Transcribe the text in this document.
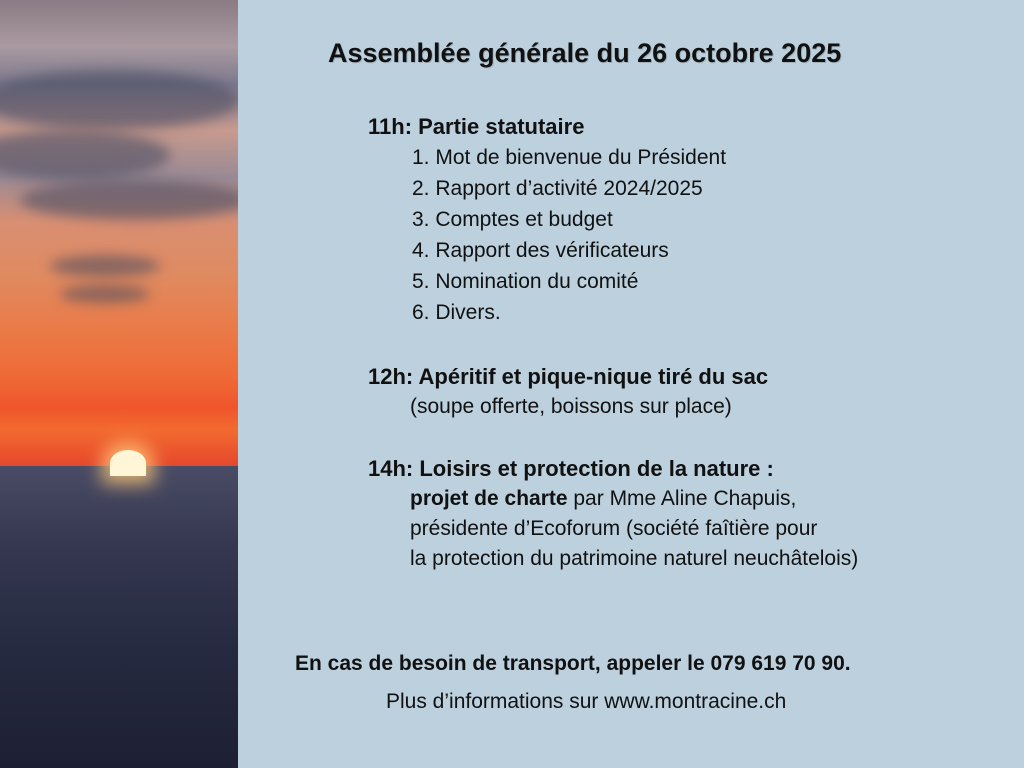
Assemblée générale du 26 octobre 2025

11h: Partie statutaire

1. Mot de bienvenue du Président
2. Rapport d’activité 2024/2025
3. Comptes et budget
4. Rapport des vérificateurs
5. Nomination du comité
6. Divers.

12h: Apéritif et pique-nique tiré du sac

(soupe offerte, boissons sur place)

14h: Loisirs et protection de la nature :

projet de charte par Mme Aline Chapuis,

présidente d’Ecoforum (société faîtière pour

la protection du patrimoine naturel neuchâtelois)

En cas de besoin de transport, appeler le 079 619 70 90.

Plus d’informations sur www.montracine.ch
